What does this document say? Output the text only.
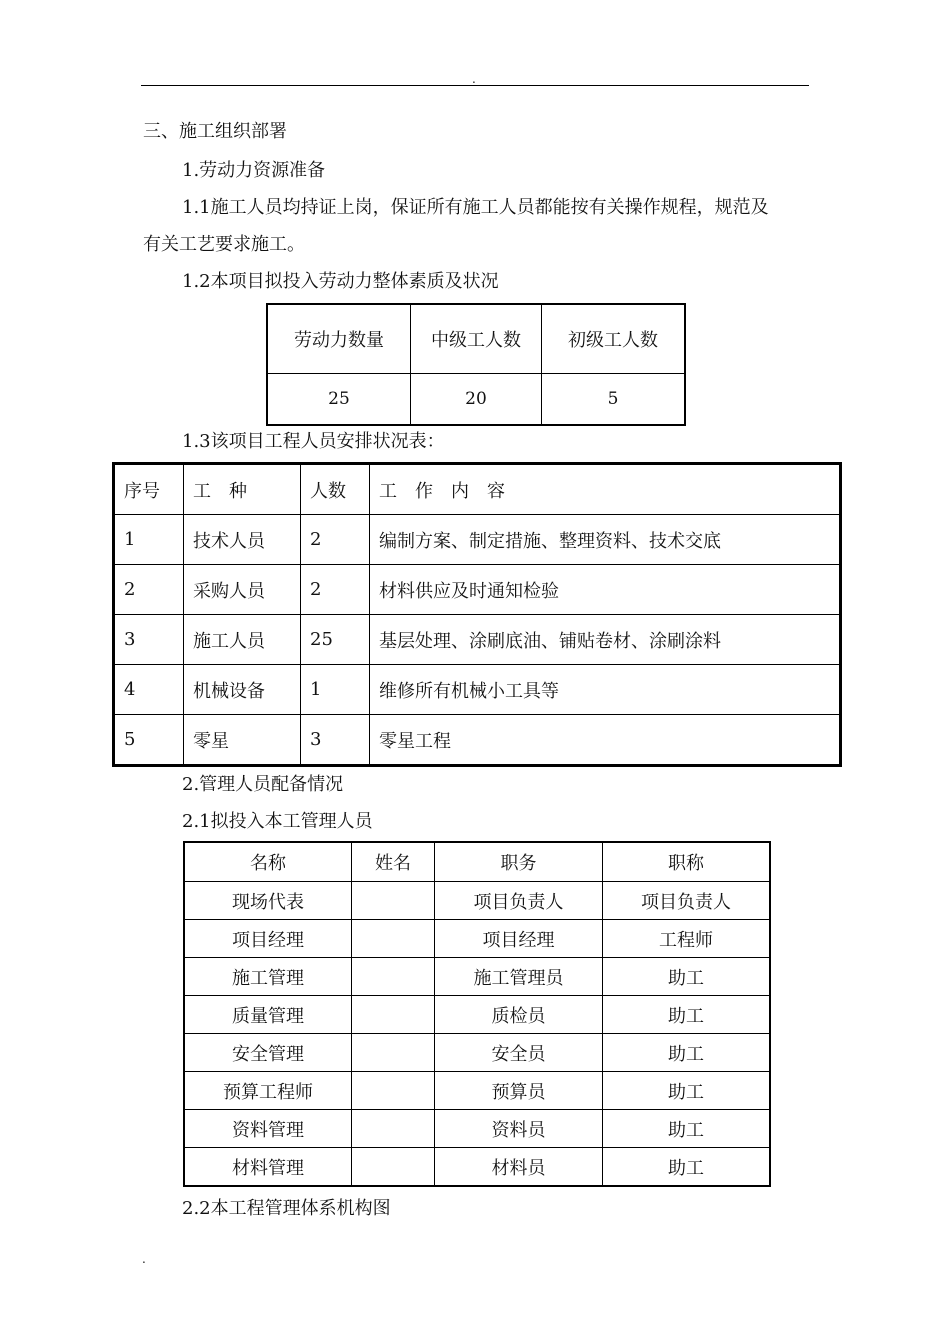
.
三、施工组织部署
1.劳动力资源准备
1.1施工人员均持证上岗，保证所有施工人员都能按有关操作规程，规范及
有关工艺要求施工。
1.2本项目拟投入劳动力整体素质及状况
劳动力数量	中级工人数	初级工人数
25	20	5
1.3该项目工程人员安排状况表：
序号	工　种	人数	工　作　内　容
1	技术人员	2	编制方案、制定措施、整理资料、技术交底
2	采购人员	2	材料供应及时通知检验
3	施工人员	25	基层处理、涂刷底油、铺贴卷材、涂刷涂料
4	机械设备	1	维修所有机械小工具等
5	零星	3	零星工程
2.管理人员配备情况
2.1拟投入本工管理人员
名称	姓名	职务	职称
现场代表		项目负责人	项目负责人
项目经理		项目经理	工程师
施工管理		施工管理员	助工
质量管理		质检员	助工
安全管理		安全员	助工
预算工程师		预算员	助工
资料管理		资料员	助工
材料管理		材料员	助工
2.2本工程管理体系机构图
.
